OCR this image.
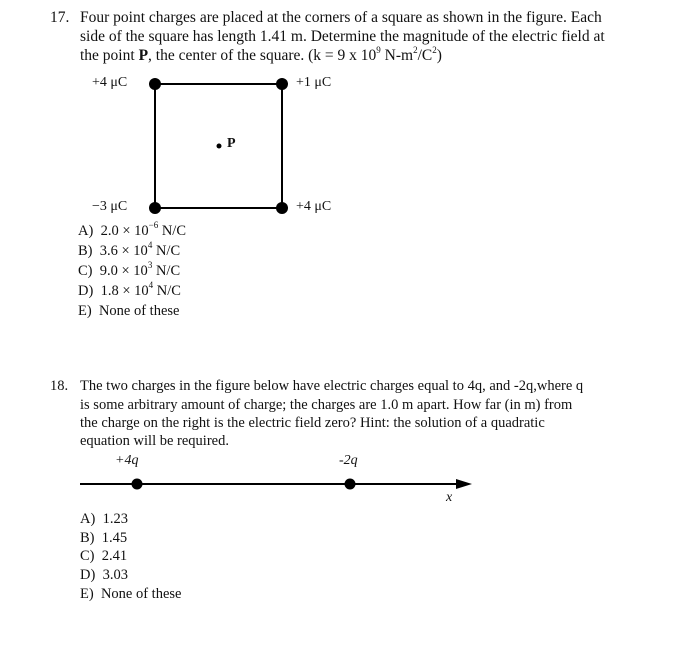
17. Four point charges are placed at the corners of a square as shown in the figure. Each
side of the square has length 1.41 m. Determine the magnitude of the electric field at
the point P, the center of the square. (k = 9 x $10^9$ $N-m^2/C^2$)
+4 μC	+1 μC
−3 μC	+4 μC
P
18. The two charges in the figure below have electric charges equal to 4q, and -2q,where q
is some arbitrary amount of charge; the charges are 1.0 m apart. How far (in m) from
the charge on the right is the electric field zero? Hint: the solution of a quadratic
equation will be required.
+4q	-2q
x
A) $2.0 \times 10^{-6}$ N/C
B) $3.6 \times 10^4$ N/C
C) $9.0 \times 10^3$ N/C
D) $1.8 \times 10^4$ N/C
E) None of these
A) 1.23
B) 1.45
C) 2.41
D) 3.03
E) None of these
